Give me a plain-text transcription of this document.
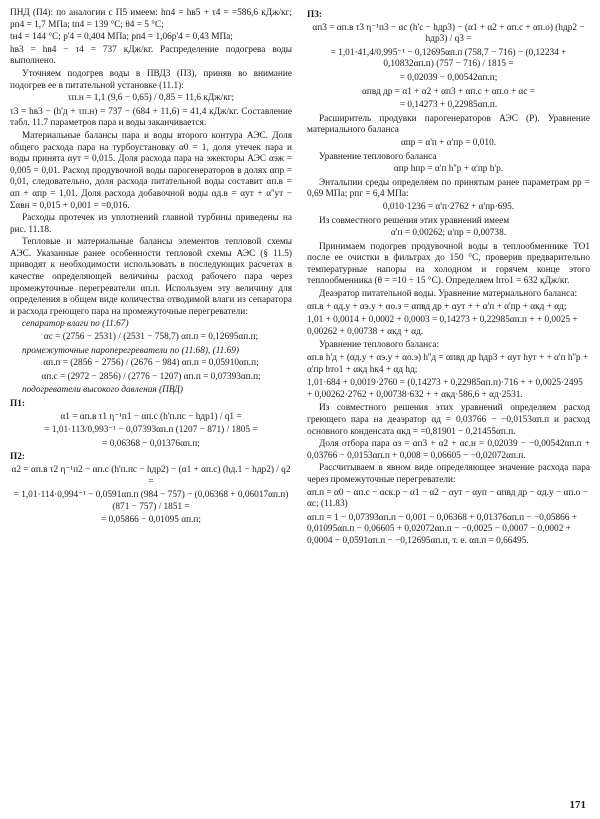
ПНД (П4): по аналогии с П5 имеем: hп4 = hв5 + τ4 = =586,6 кДж/кг; pп4 = 1,7 МПа; tп4 = 139 °С; θ4 = 5 °С;

tн4 = 144 °С; p'4 = 0,404 МПа; pп4 = 1,06p'4 = 0,43 МПа;

hв3 = hв4 − τ4 = 737 кДж/кг. Распределение подогрева воды выполнено.

Уточняем подогрев воды в ПВД3 (П3), приняв во внимание подогрев ее в питательной установке (11.1):

τп.н = 1,1 (9,6 − 0,65) / 0,85 = 11,6 кДж/кг;

τ3 = hв3 − (h'д + τп.н) = 737 − (684 + 11,6) = 41,4 кДж/кг. Составление табл. 11.7 параметров пара и воды заканчивается.

Материальные балансы пара и воды второго контура АЭС. Доля общего расхода пара на турбоустановку α0 = 1, доля утечек пара и воды принята αут = 0,015. Доля расхода пара на эжекторы АЭС αэж = 0,005 = 0,01. Расход продувочной воды парогенераторов в долях αпр = 0,01, следовательно, доля расхода питательной воды составит αп.в = αп + αпр = 1,01. Доля расхода добавочной воды αд.в = αут + α''ут − Σαвн = 0,015 + 0,001 = =0,016.

Расходы протечек из уплотнений главной турбины приведены на рис. 11.18.

Тепловые и материальные балансы элементов тепловой схемы АЭС. Указанные ранее особенности тепловой схемы АЭС (§ 11.5) приводят к необходимости использовать в последующих расчетах в качестве определяющей величины расход рабочего пара через промежуточные перегреватели αп.п. Используем эту величину для определения в общем виде количества отводимой влаги из сепаратора и расхода греющего пара на промежуточные перегреватели:

сепаратор влаги по (11.67)

αс = (2756 − 2531) / (2531 − 758,7) αп.п = 0,12695αп.п;

промежуточные пароперегреватели по (11.68), (11.69)

αп.п = (2856 − 2756) / (2676 − 984) αп.п = 0,05910αп.п;
αп.с = (2972 − 2856) / (2776 − 1207) αп.п = 0,07393αп.п;

подогреватели высокого давления (ПВД)

П1:
α1 = αп.в τ1 η⁻¹п1 − αп.с (h'п.пс − hдр1) / q1 =
= 1,01·113/0,993⁻¹ − 0,07393αп.п (1207 − 871) / 1805 =
= 0,06368 − 0,01376αп.п;
П2:
α2 = αп.в τ2 η⁻¹п2 − αп.с (h'п.пс − hдр2) − (α1 + αп.с) (hд.1 − hдр2) / q2 =
= 1,01·114·0,994⁻¹ − 0,0591αп.п (984 − 757) − (0,06368 + 0,06017αп.п) (871 − 757) / 1851 =
= 0,05866 − 0,01095 αп.п;
П3:
αп3 = αп.в τ3 η⁻¹п3 − αс (h'с − hдр3) − (α1 + α2 + αп.с + αп.о) (hдр2 − hдр3) / q3 =
= 1,01·41,4/0,995⁻¹ − 0,12695αп.п (758,7 − 716) − (0,12234 + 0,10832αп.п) (757 − 716) / 1815 =
= 0,02039 − 0,00542αп.п;
αпвд др = α1 + α2 + αп3 + αп.с + αп.о + αс =
= 0,14273 + 0,22985αп.п.

Расширитель продувки парогенераторов АЭС (Р). Уравнение материального баланса

αпр = α'п + α'пр = 0,010.

Уравнение теплового баланса

αпр hпр = α'п h''р + α'пр h'р.

Энтальпии среды определяем по принятым ранее параметрам pр = 0,69 МПа; pпг = 6,4 МПа:

0,010·1236 = α'п·2762 + α'пр·695.

Из совместного решения этих уравнений имеем

α'п = 0,00262; α'пр = 0,00738.

Принимаем подогрев продувочной воды в теплообменнике ТО1 после ее очистки в фильтрах до 150 °С, проверив предварительно температурные напоры на холодном и горячем конце этого теплообменника (θ = =10 ÷ 15 °С). Определяем hто1 = 632 кДж/кг.

Деаэратор питательной воды. Уравнение материального баланса:

αп.в + αд.у + αэ.у + αо.э = αпвд др + αут + + α'п + α'пр + αкд + αд;
1,01 + 0,0014 + 0,0002 + 0,0003 = 0,14273 + 0,22985αп.п + + 0,0025 + 0,00262 + 0,00738 + αкд + αд.

Уравнение теплового баланса:

αп.в h'д + (αд.у + αэ.у + αо.э) h''д = αпвд др hдр3 + αут hут + + α'п h''р + α'пр hто1 + αкд hк4 + αд hд;
1,01·684 + 0,0019·2760 = (0,14273 + 0,22985αп.п)·716 + + 0,0025·2495 + 0,00262·2762 + 0,00738·632 + + αкд·586,6 + αд·2531.

Из совместного решения этих уравнений определяем расход греющего пара на деаэратор αд = 0,03766 − −0,0153αп.п и расход основного конденсата αкд = =0,81901 − 0,21455αп.п.

Доля отбора пара αз = αп3 + α2 + αс.н = 0,02039 − −0,00542αп.п + 0,03766 − 0,0153αп.п + 0,008 = 0,06605 − −0,02072αп.п.

Рассчитываем в явном виде определяющее значение расхода пара через промежуточные перегреватели:

αп.п = α0 − αп.с − αск.р − α1 − α2 − αут − αуп − αпвд др − αд.у − αп.о − αс; (11.83)
αп.п = 1 − 0,07393αп.п − 0,001 − 0,06368 + 0,01376αп.п − −0,05866 + 0,01095αп.п − 0,06605 + 0,02072αп.п − −0,0025 − 0,0007 − 0,0002 + 0,0004 − 0,0591αп.п − −0,12695αп.п, т. е. αп.п = 0,66495.
171
